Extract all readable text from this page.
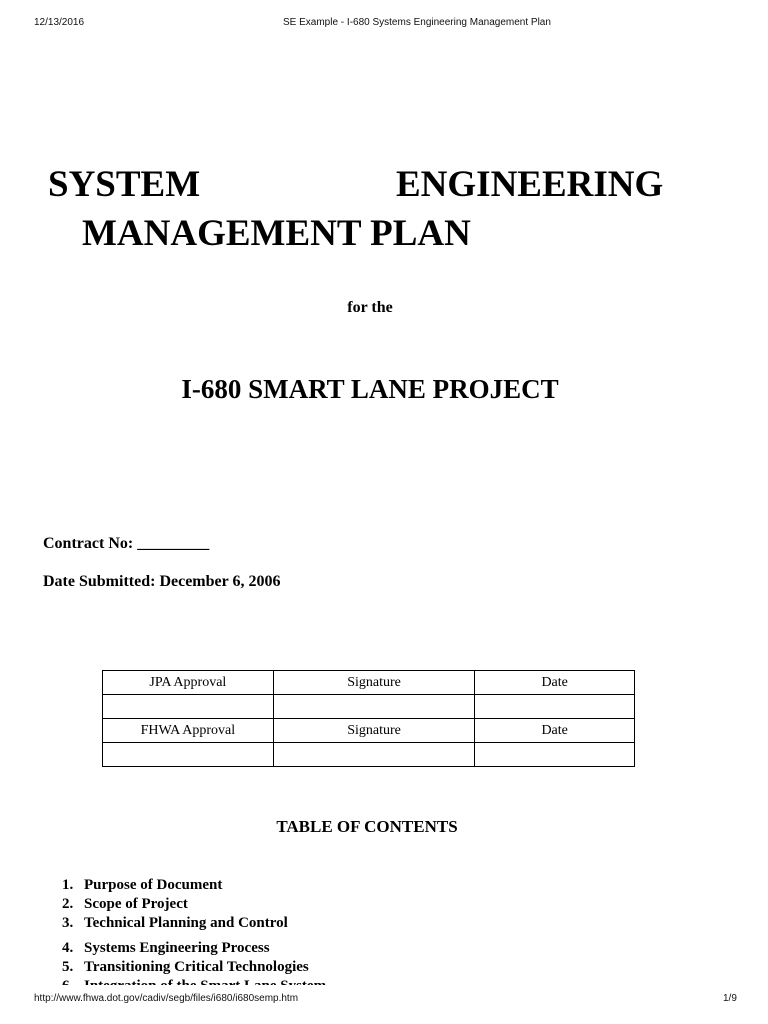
12/13/2016	SE Example - I-680 Systems Engineering Management Plan
SYSTEM	ENGINEERING
MANAGEMENT PLAN
for the
I-680 SMART LANE PROJECT
Contract No: _________
Date Submitted: December 6, 2006
JPA Approval	Signature	Date

FHWA Approval	Signature	Date

TABLE OF CONTENTS
1. Purpose of Document
2. Scope of Project
3. Technical Planning and Control
4. Systems Engineering Process
5. Transitioning Critical Technologies
http://www.fhwa.dot.gov/cadiv/segb/files/i680/i680semp.htm	1/9
